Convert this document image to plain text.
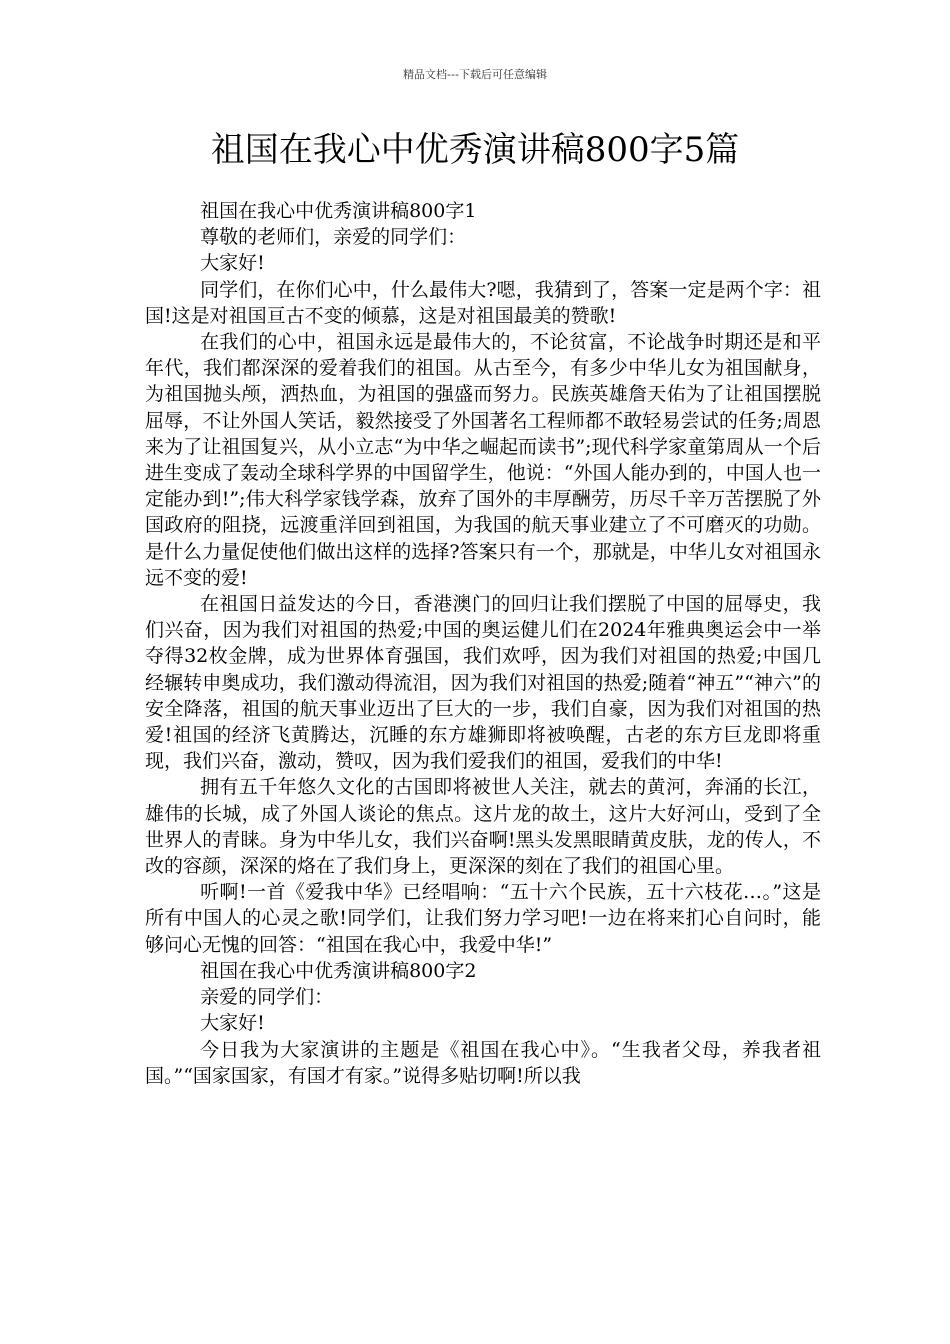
精品文档---下载后可任意编辑
祖国在我心中优秀演讲稿800字5篇

祖国在我心中优秀演讲稿800字1

尊敬的老师们，亲爱的同学们：

大家好!

同学们，在你们心中，什么最伟大?嗯，我猜到了，答案一定是两个字：祖国!这是对祖国亘古不变的倾慕，这是对祖国最美的赞歌!

在我们的心中，祖国永远是最伟大的，不论贫富，不论战争时期还是和平年代，我们都深深的爱着我们的祖国。从古至今，有多少中华儿女为祖国献身，为祖国抛头颅，洒热血，为祖国的强盛而努力。民族英雄詹天佑为了让祖国摆脱屈辱，不让外国人笑话，毅然接受了外国著名工程师都不敢轻易尝试的任务;周恩来为了让祖国复兴，从小立志“为中华之崛起而读书”;现代科学家童第周从一个后进生变成了轰动全球科学界的中国留学生，他说：“外国人能办到的，中国人也一定能办到!”;伟大科学家钱学森，放弃了国外的丰厚酬劳，历尽千辛万苦摆脱了外国政府的阻挠，远渡重洋回到祖国，为我国的航天事业建立了不可磨灭的功勋。是什么力量促使他们做出这样的选择?答案只有一个，那就是，中华儿女对祖国永远不变的爱!

在祖国日益发达的今日，香港澳门的回归让我们摆脱了中国的屈辱史，我们兴奋，因为我们对祖国的热爱;中国的奥运健儿们在2024年雅典奥运会中一举夺得32枚金牌，成为世界体育强国，我们欢呼，因为我们对祖国的热爱;中国几经辗转申奥成功，我们激动得流泪，因为我们对祖国的热爱;随着“神五”“神六”的安全降落，祖国的航天事业迈出了巨大的一步，我们自豪，因为我们对祖国的热爱!祖国的经济飞黄腾达，沉睡的东方雄狮即将被唤醒，古老的东方巨龙即将重现，我们兴奋，激动，赞叹，因为我们爱我们的祖国，爱我们的中华!

拥有五千年悠久文化的古国即将被世人关注，就去的黄河，奔涌的长江，雄伟的长城，成了外国人谈论的焦点。这片龙的故土，这片大好河山，受到了全世界人的青睐。身为中华儿女，我们兴奋啊!黑头发黑眼睛黄皮肤，龙的传人，不改的容颜，深深的烙在了我们身上，更深深的刻在了我们的祖国心里。

听啊!一首《爱我中华》已经唱响：“五十六个民族，五十六枝花…。”这是所有中国人的心灵之歌!同学们，让我们努力学习吧!一边在将来扪心自问时，能够问心无愧的回答：“祖国在我心中，我爱中华!”

祖国在我心中优秀演讲稿800字2

亲爱的同学们：

大家好!

今日我为大家演讲的主题是《祖国在我心中》。“生我者父母，养我者祖国。”“国家国家，有国才有家。”说得多贴切啊!所以我
